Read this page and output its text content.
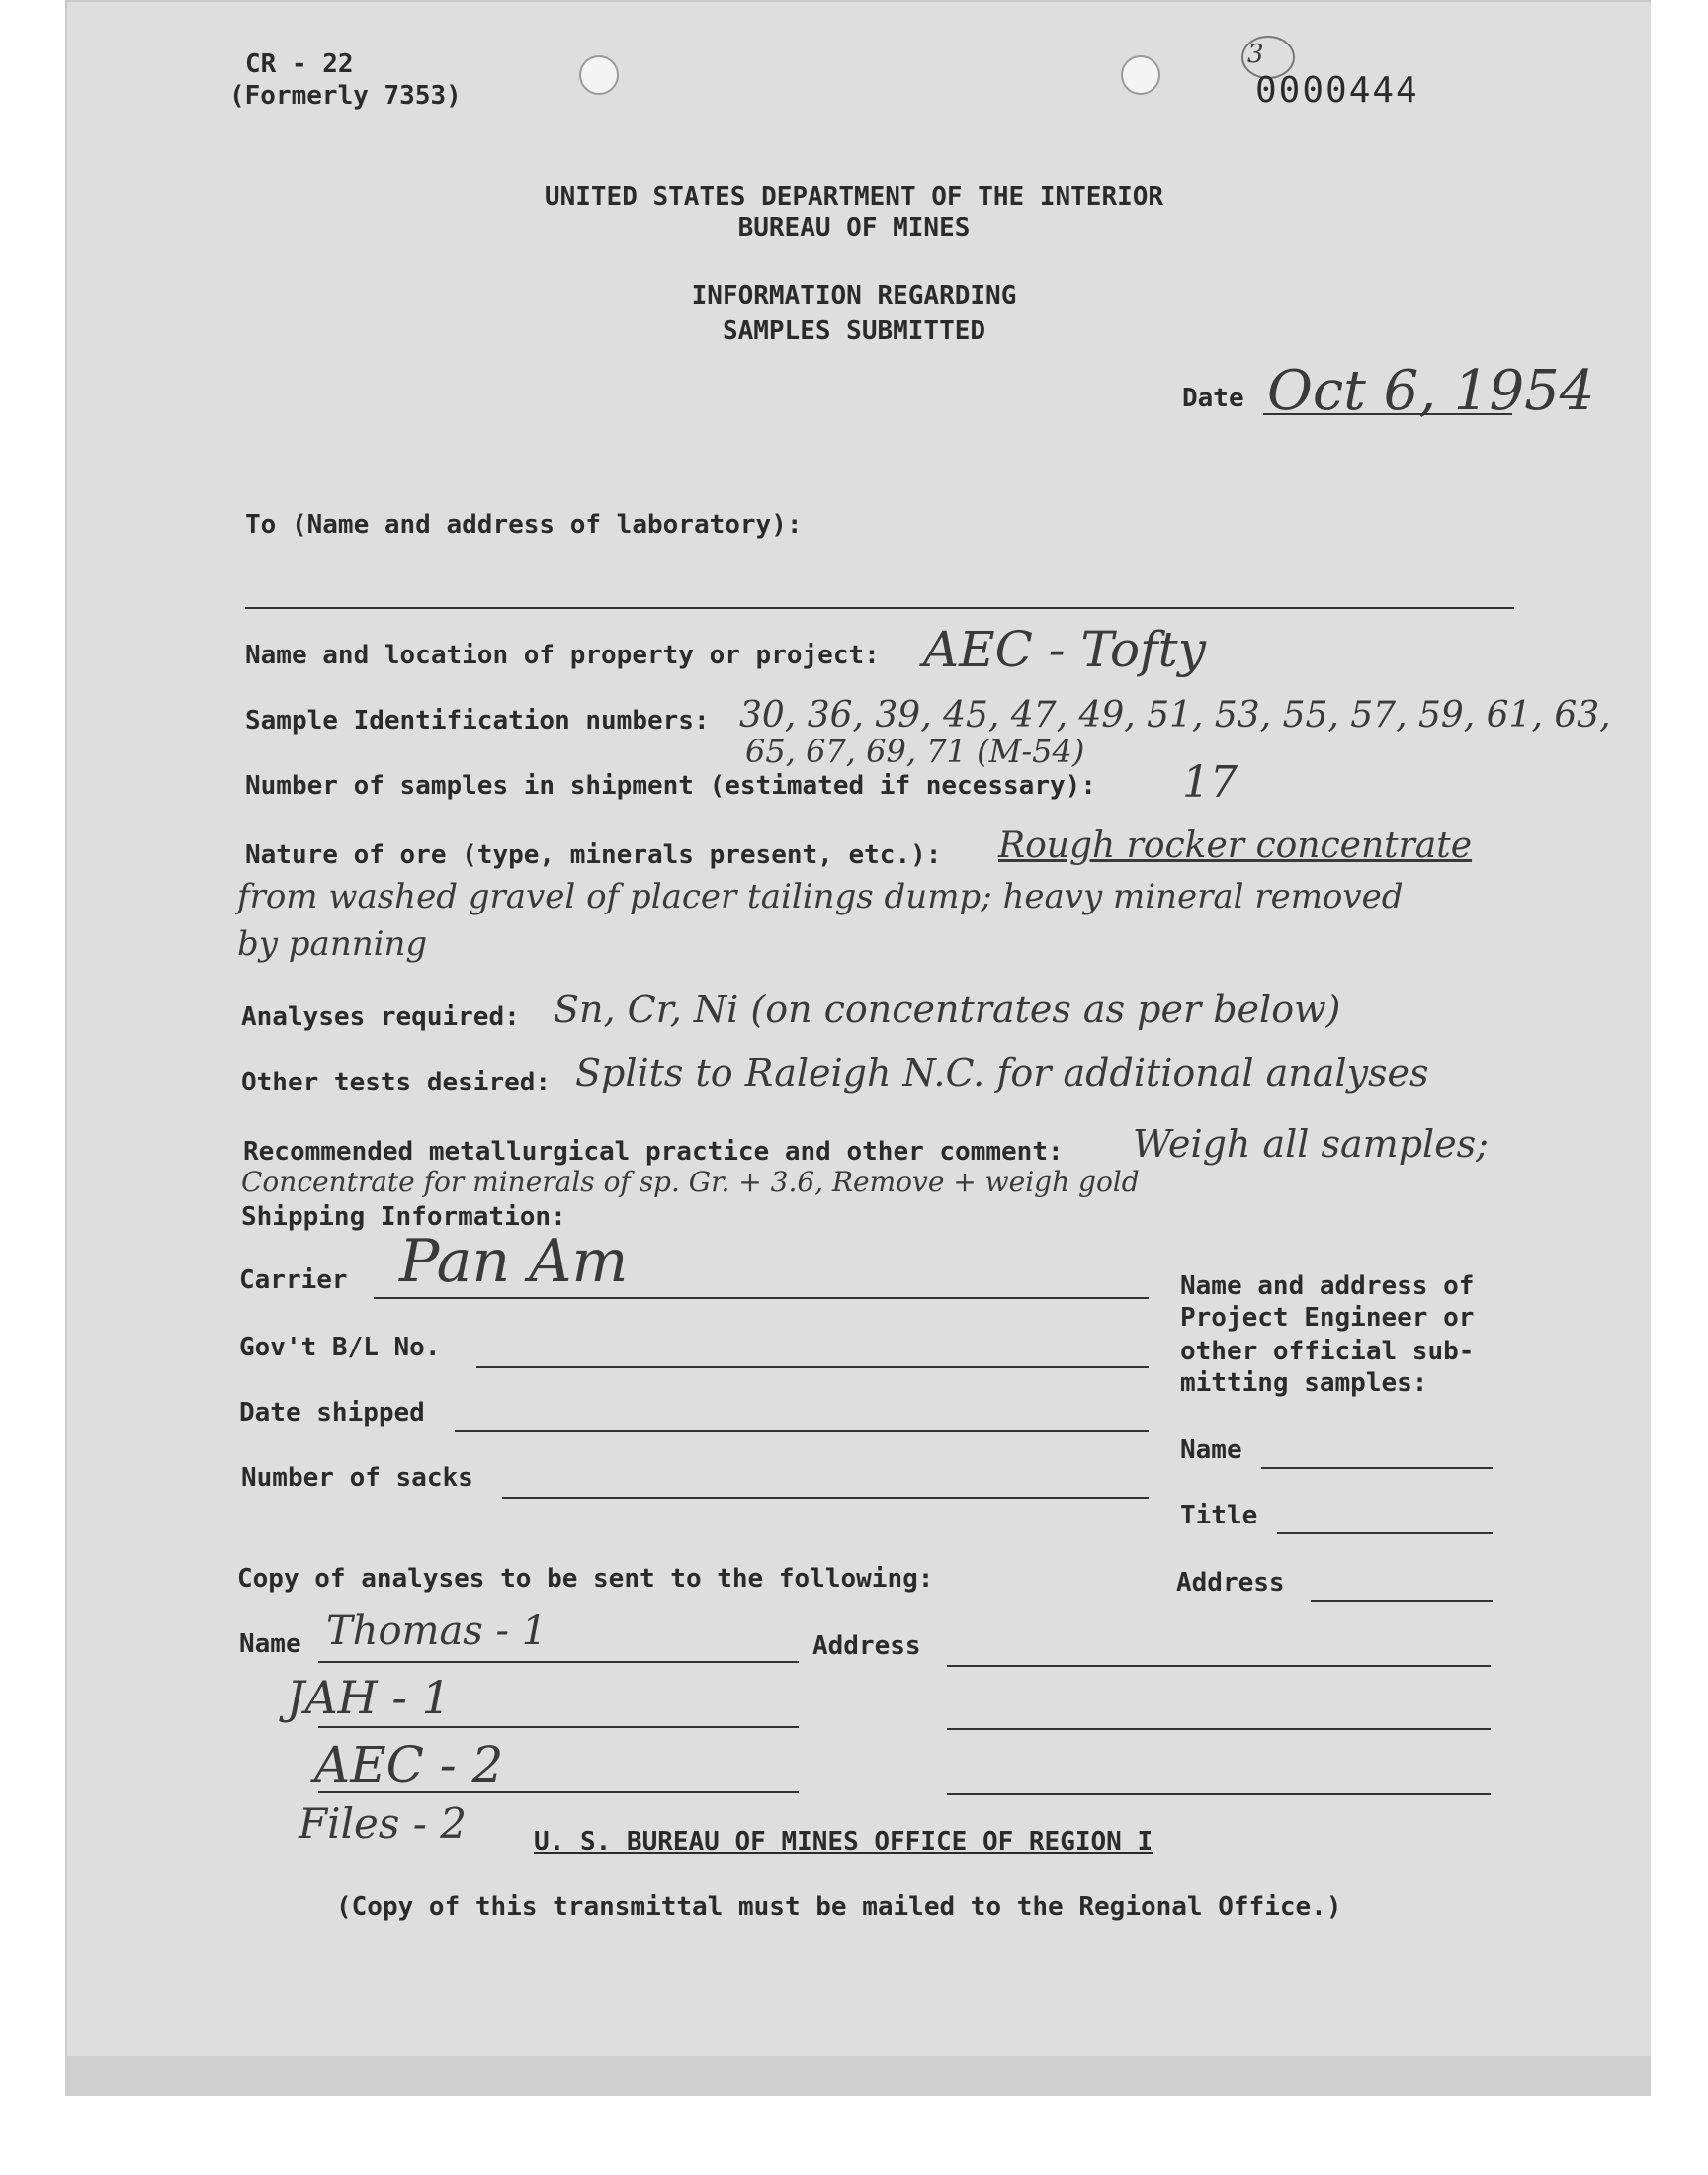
CR - 22
(Formerly 7353)
3
0000444
UNITED STATES DEPARTMENT OF THE INTERIOR
BUREAU OF MINES
INFORMATION REGARDING
SAMPLES SUBMITTED
Date Oct 6, 1954
To (Name and address of laboratory):
Name and location of property or project: AEC - Tofty
Sample Identification numbers: 30, 36, 39, 45, 47, 49, 51, 53, 55, 57, 59, 61, 63,
65, 67, 69, 71 (M-54)
Number of samples in shipment (estimated if necessary): 17
Nature of ore (type, minerals present, etc.): Rough rocker concentrate
from washed gravel of placer tailings dump; heavy mineral removed
by panning
Analyses required: Sn, Cr, Ni (on concentrates as per below)
Other tests desired: Splits to Raleigh N.C. for additional analyses
Recommended metallurgical practice and other comment: Weigh all samples;
Concentrate for minerals of sp. Gr. + 3.6, Remove + weigh gold
Shipping Information:
Carrier Pan Am
Gov't B/L No.
Date shipped
Number of sacks
Name and address of
Project Engineer or
other official sub-
mitting samples:
Name
Title
Address
Copy of analyses to be sent to the following:
Name	Address
Thomas - 1
JAH - 1
AEC - 2
Files - 2	U. S. BUREAU OF MINES OFFICE OF REGION I
(Copy of this transmittal must be mailed to the Regional Office.)
